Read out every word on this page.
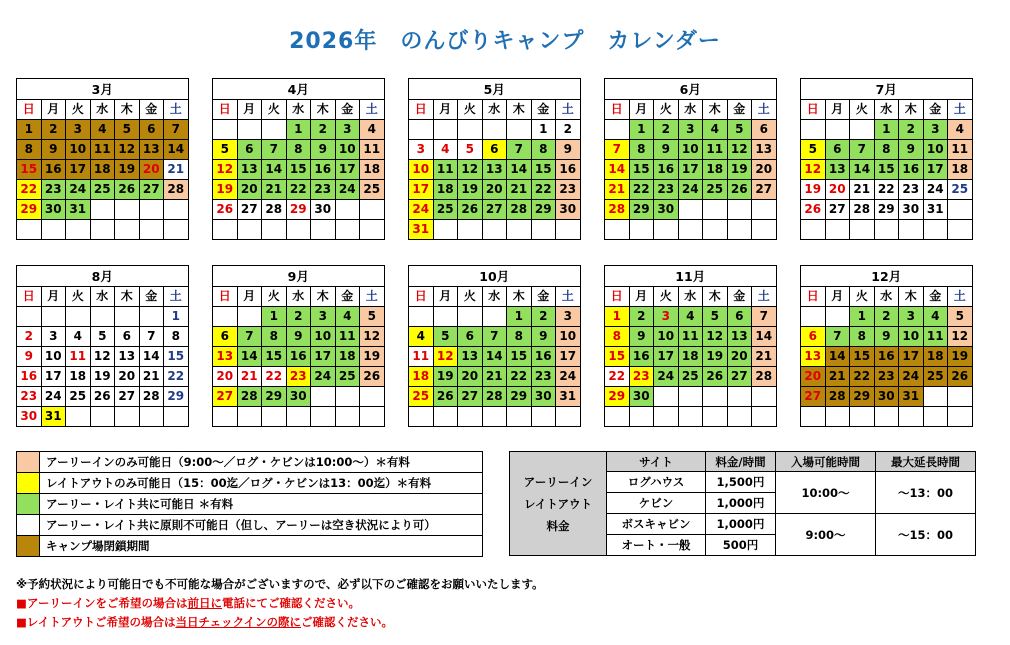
2026年　のんびりキャンプ　カレンダー
3月						
日	月	火	水	木	金	土
1	2	3	4	5	6	7
8	9	10	11	12	13	14
15	16	17	18	19	20	21
22	23	24	25	26	27	28
29	30	31				

4月						
日	月	火	水	木	金	土
			1	2	3	4
5	6	7	8	9	10	11
12	13	14	15	16	17	18
19	20	21	22	23	24	25
26	27	28	29	30		

5月						
日	月	火	水	木	金	土
					1	2
3	4	5	6	7	8	9
10	11	12	13	14	15	16
17	18	19	20	21	22	23
24	25	26	27	28	29	30
31						
6月						
日	月	火	水	木	金	土
	1	2	3	4	5	6
7	8	9	10	11	12	13
14	15	16	17	18	19	20
21	22	23	24	25	26	27
28	29	30				

7月						
日	月	火	水	木	金	土
			1	2	3	4
5	6	7	8	9	10	11
12	13	14	15	16	17	18
19	20	21	22	23	24	25
26	27	28	29	30	31	

8月						
日	月	火	水	木	金	土
						1
2	3	4	5	6	7	8
9	10	11	12	13	14	15
16	17	18	19	20	21	22
23	24	25	26	27	28	29
30	31					
9月						
日	月	火	水	木	金	土
		1	2	3	4	5
6	7	8	9	10	11	12
13	14	15	16	17	18	19
20	21	22	23	24	25	26
27	28	29	30			

10月						
日	月	火	水	木	金	土
				1	2	3
4	5	6	7	8	9	10
11	12	13	14	15	16	17
18	19	20	21	22	23	24
25	26	27	28	29	30	31

11月						
日	月	火	水	木	金	土
1	2	3	4	5	6	7
8	9	10	11	12	13	14
15	16	17	18	19	20	21
22	23	24	25	26	27	28
29	30					

12月						
日	月	火	水	木	金	土
		1	2	3	4	5
6	7	8	9	10	11	12
13	14	15	16	17	18	19
20	21	22	23	24	25	26
27	28	29	30	31		

	アーリーインのみ可能日（9:00～／ログ・ケビンは10:00～）＊有料
	レイトアウトのみ可能日（15：00迄／ログ・ケビンは13：00迄）＊有料
	アーリー・レイト共に可能日 ＊有料
	アーリー・レイト共に原則不可能日（但し、アーリーは空き状況により可）
	キャンプ場閉鎖期間
アーリーイン
レイトアウト
料金	サイト	料金/時間	入場可能時間	最大延長時間
	ログハウス	1,500円	10:00～	～13：00
	ケビン	1,000円		
	ボスキャビン	1,000円	9:00～	～15：00
	オート・一般	500円		
※予約状況により可能日でも不可能な場合がございますので、必ず以下のご確認をお願いいたします。
■アーリーインをご希望の場合は前日に電話にてご確認ください。
■レイトアウトご希望の場合は当日チェックインの際にご確認ください。
